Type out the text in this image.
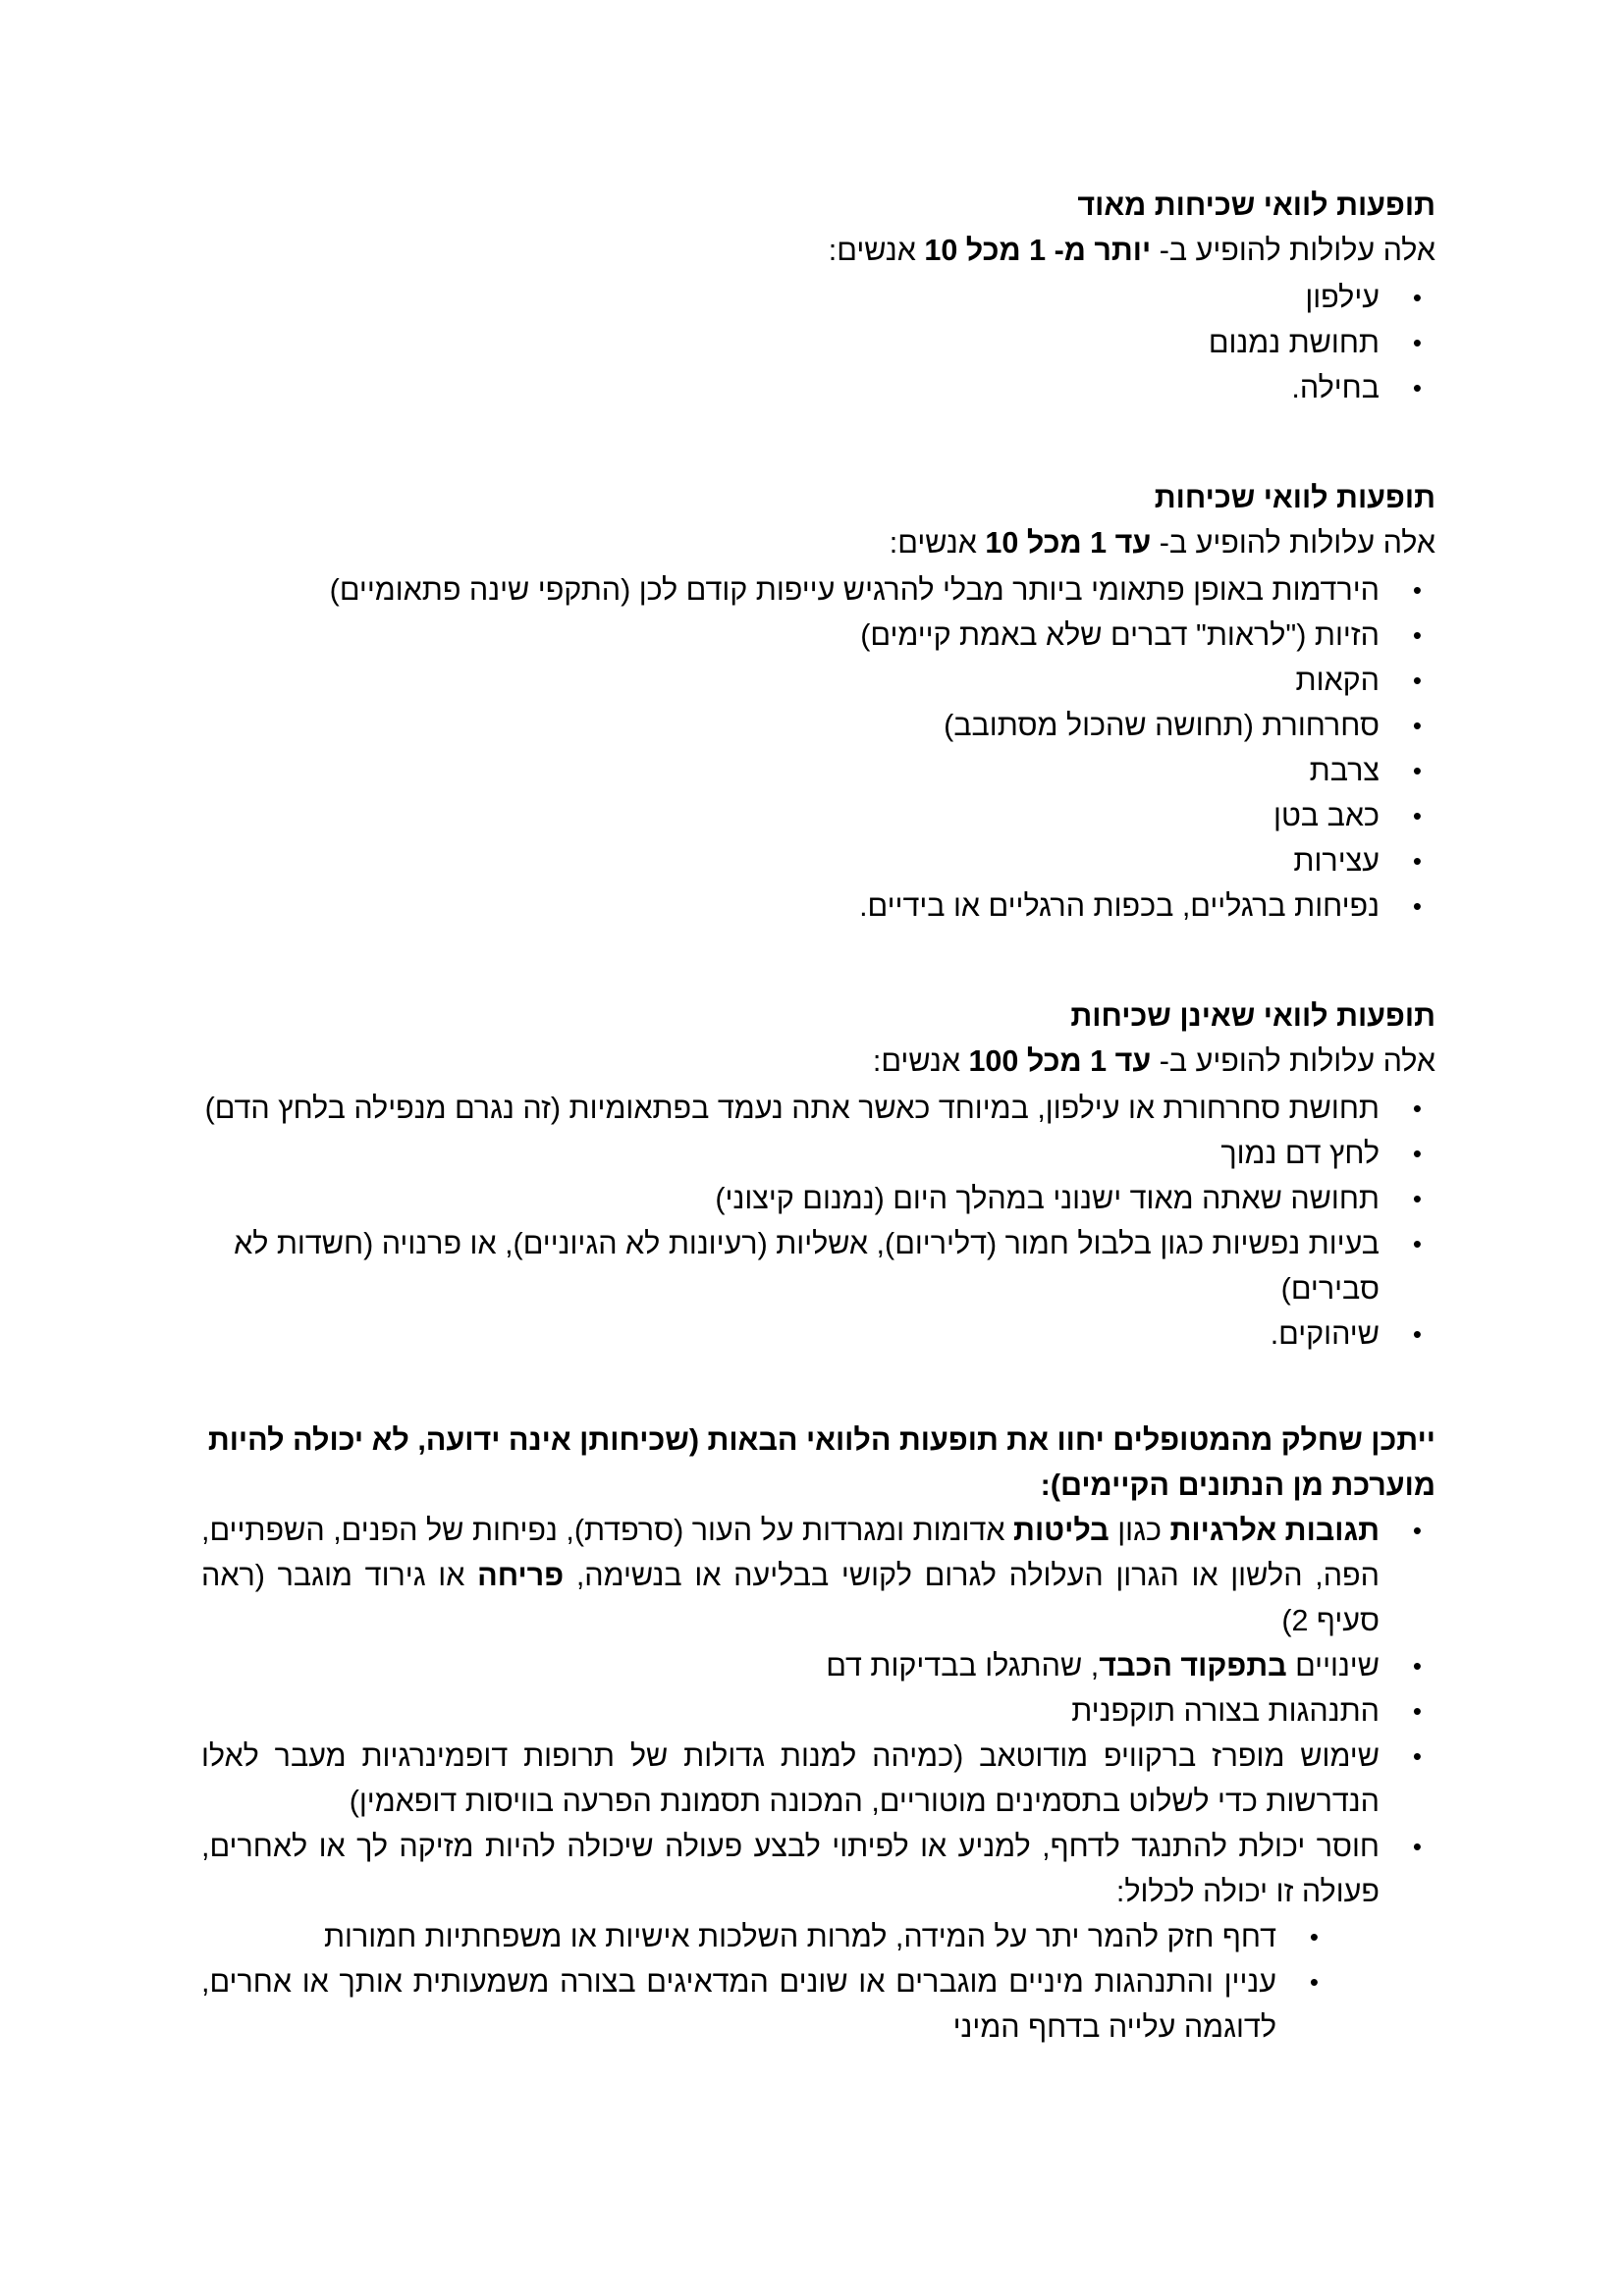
תופעות לוואי שכיחות מאוד

אלה עלולות להופיע ב- יותר מ- 1 מכל 10 אנשים:

• עילפון
• תחושת נמנום
• בחילה.

תופעות לוואי שכיחות

אלה עלולות להופיע ב- עד 1 מכל 10 אנשים:

• הירדמות באופן פתאומי ביותר מבלי להרגיש עייפות קודם לכן (התקפי שינה פתאומיים)
• הזיות ("לראות" דברים שלא באמת קיימים)
• הקאות
• סחרחורת (תחושה שהכול מסתובב)
• צרבת
• כאב בטן
• עצירות
• נפיחות ברגליים, בכפות הרגליים או בידיים.

תופעות לוואי שאינן שכיחות

אלה עלולות להופיע ב- עד 1 מכל 100 אנשים:

• תחושת סחרחורת או עילפון, במיוחד כאשר אתה נעמד בפתאומיות (זה נגרם מנפילה בלחץ הדם)
• לחץ דם נמוך
• תחושה שאתה מאוד ישנוני במהלך היום (נמנום קיצוני)
• בעיות נפשיות כגון בלבול חמור (דליריום), אשליות (רעיונות לא הגיוניים), או פרנויה (חשדות לא סבירים)
• שיהוקים.

ייתכן שחלק מהמטופלים יחוו את תופעות הלוואי הבאות (שכיחותן אינה ידועה, לא יכולה להיות מוערכת מן הנתונים הקיימים):

• תגובות אלרגיות כגון בליטות אדומות ומגרדות על העור (סרפדת), נפיחות של הפנים, השפתיים, הפה, הלשון או הגרון העלולה לגרום לקושי בבליעה או בנשימה, פריחה או גירוד מוגבר (ראה סעיף 2)
• שינויים בתפקוד הכבד, שהתגלו בבדיקות דם
• התנהגות בצורה תוקפנית
• שימוש מופרז ברקוויפ מודוטאב (כמיהה למנות גדולות של תרופות דופמינרגיות מעבר לאלו הנדרשות כדי לשלוט בתסמינים מוטוריים, המכונה תסמונת הפרעה בוויסות דופאמין)
• חוסר יכולת להתנגד לדחף, למניע או לפיתוי לבצע פעולה שיכולה להיות מזיקה לך או לאחרים, פעולה זו יכולה לכלול:
• דחף חזק להמר יתר על המידה, למרות השלכות אישיות או משפחתיות חמורות
• עניין והתנהגות מיניים מוגברים או שונים המדאיגים בצורה משמעותית אותך או אחרים, לדוגמה עלייה בדחף המיני
